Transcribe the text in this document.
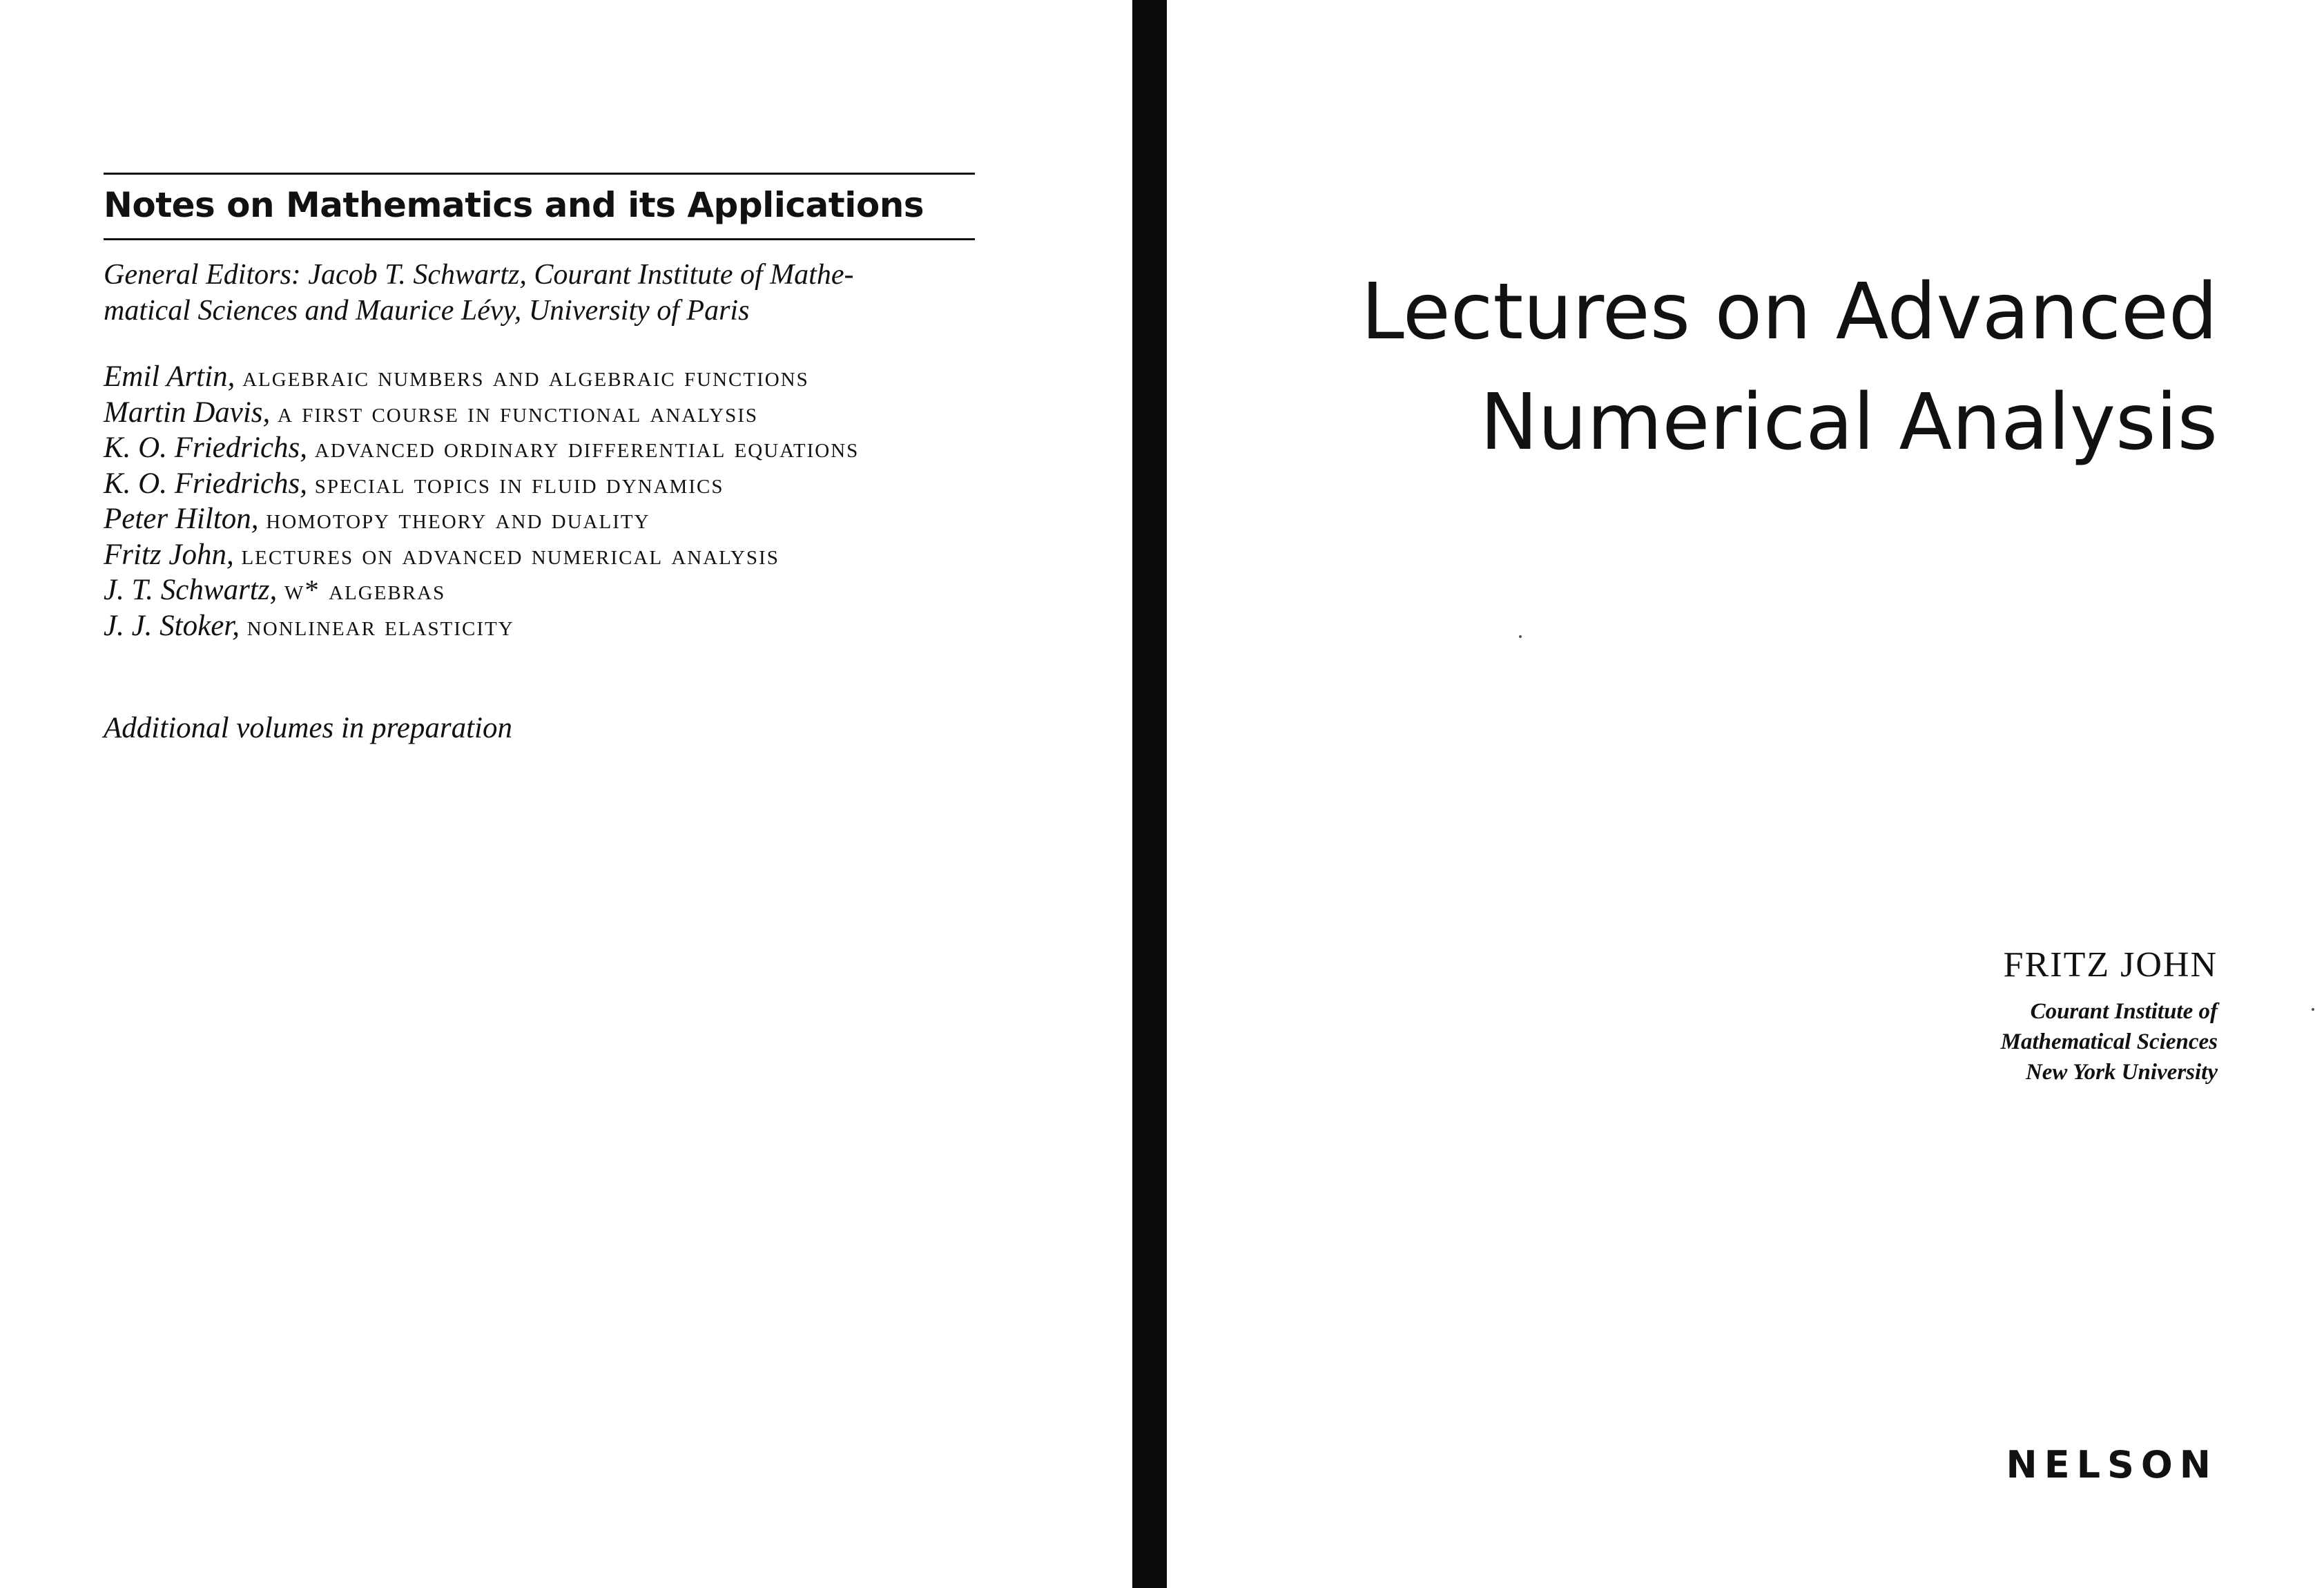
Notes on Mathematics and its Applications
General Editors: Jacob T. Schwartz, Courant Institute of Mathe-
matical Sciences and Maurice Lévy, University of Paris
Emil Artin, algebraic numbers and algebraic functions
Martin Davis, a first course in functional analysis
K. O. Friedrichs, advanced ordinary differential equations
K. O. Friedrichs, special topics in fluid dynamics
Peter Hilton, homotopy theory and duality
Fritz John, lectures on advanced numerical analysis
J. T. Schwartz, w* algebras
J. J. Stoker, nonlinear elasticity
Additional volumes in preparation
Lectures on Advanced
Numerical Analysis
FRITZ JOHN
Courant Institute of
Mathematical Sciences
New York University
NELSON
